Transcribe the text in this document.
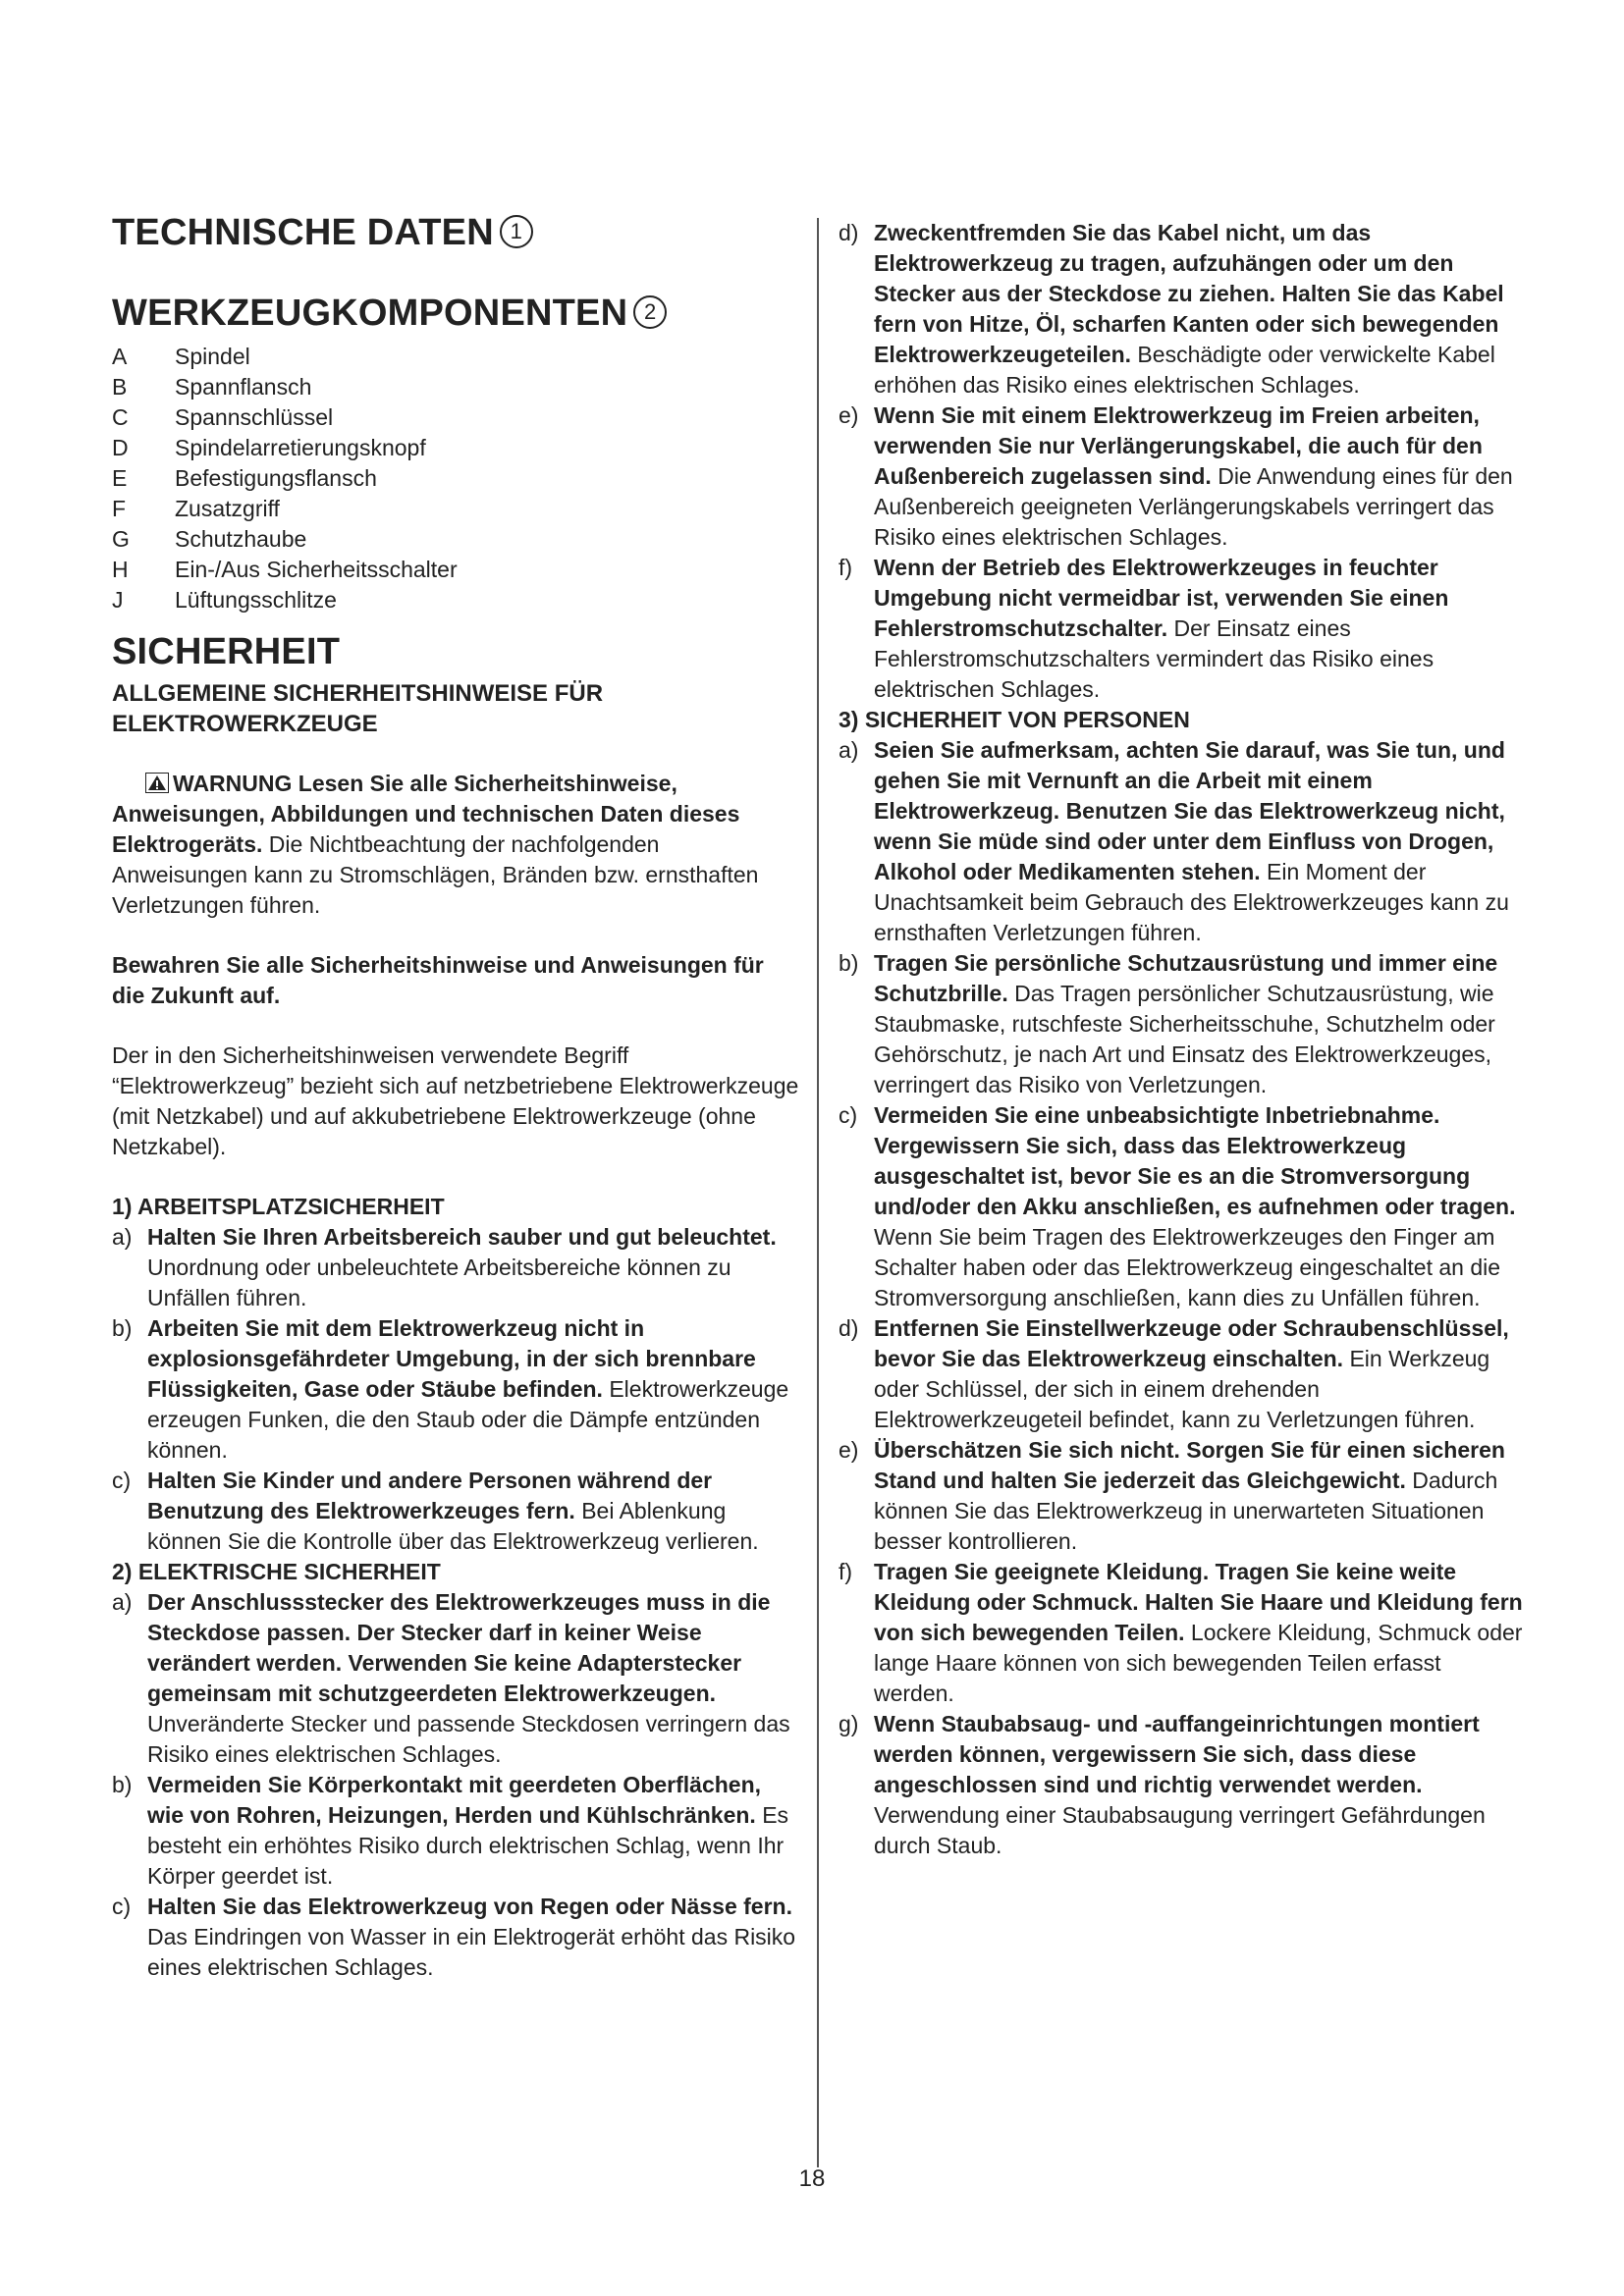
TECHNISCHE DATEN 1
WERKZEUGKOMPONENTEN 2
A	Spindel
B	Spannflansch
C	Spannschlüssel
D	Spindelarretierungsknopf
E	Befestigungsflansch
F	Zusatzgriff
G	Schutzhaube
H	Ein-/Aus Sicherheitsschalter
J	Lüftungsschlitze
SICHERHEIT
ALLGEMEINE SICHERHEITSHINWEISE FÜR ELEKTROWERKZEUGE

WARNUNG Lesen Sie alle Sicherheitshinweise, Anweisungen, Abbildungen und technischen Daten dieses Elektrogeräts. Die Nichtbeachtung der nachfolgenden Anweisungen kann zu Stromschlägen, Bränden bzw. ernsthaften Verletzungen führen.

Bewahren Sie alle Sicherheitshinweise und Anweisungen für die Zukunft auf.

Der in den Sicherheitshinweisen verwendete Begriff “Elektrowerkzeug” bezieht sich auf netzbetriebene Elektrowerkzeuge (mit Netzkabel) und auf akkubetriebene Elektrowerkzeuge (ohne Netzkabel).

1) ARBEITSPLATZSICHERHEIT
a) Halten Sie Ihren Arbeitsbereich sauber und gut beleuchtet. Unordnung oder unbeleuchtete Arbeitsbereiche können zu Unfällen führen.
b) Arbeiten Sie mit dem Elektrowerkzeug nicht in explosionsgefährdeter Umgebung, in der sich brennbare Flüssigkeiten, Gase oder Stäube befinden. Elektrowerkzeuge erzeugen Funken, die den Staub oder die Dämpfe entzünden können.
c) Halten Sie Kinder und andere Personen während der Benutzung des Elektrowerkzeuges fern. Bei Ablenkung können Sie die Kontrolle über das Elektrowerkzeug verlieren.
2) ELEKTRISCHE SICHERHEIT
a) Der Anschlussstecker des Elektrowerkzeuges muss in die Steckdose passen. Der Stecker darf in keiner Weise verändert werden. Verwenden Sie keine Adapterstecker gemeinsam mit schutzgeerdeten Elektrowerkzeugen. Unveränderte Stecker und passende Steckdosen verringern das Risiko eines elektrischen Schlages.
b) Vermeiden Sie Körperkontakt mit geerdeten Oberflächen, wie von Rohren, Heizungen, Herden und Kühlschränken. Es besteht ein erhöhtes Risiko durch elektrischen Schlag, wenn Ihr Körper geerdet ist.
c) Halten Sie das Elektrowerkzeug von Regen oder Nässe fern. Das Eindringen von Wasser in ein Elektrogerät erhöht das Risiko eines elektrischen Schlages.
d) Zweckentfremden Sie das Kabel nicht, um das Elektrowerkzeug zu tragen, aufzuhängen oder um den Stecker aus der Steckdose zu ziehen. Halten Sie das Kabel fern von Hitze, Öl, scharfen Kanten oder sich bewegenden Elektrowerkzeugeteilen. Beschädigte oder verwickelte Kabel erhöhen das Risiko eines elektrischen Schlages.
e) Wenn Sie mit einem Elektrowerkzeug im Freien arbeiten, verwenden Sie nur Verlängerungskabel, die auch für den Außenbereich zugelassen sind. Die Anwendung eines für den Außenbereich geeigneten Verlängerungskabels verringert das Risiko eines elektrischen Schlages.
f) Wenn der Betrieb des Elektrowerkzeuges in feuchter Umgebung nicht vermeidbar ist, verwenden Sie einen Fehlerstromschutzschalter. Der Einsatz eines Fehlerstromschutzschalters vermindert das Risiko eines elektrischen Schlages.
3) SICHERHEIT VON PERSONEN
a) Seien Sie aufmerksam, achten Sie darauf, was Sie tun, und gehen Sie mit Vernunft an die Arbeit mit einem Elektrowerkzeug. Benutzen Sie das Elektrowerkzeug nicht, wenn Sie müde sind oder unter dem Einfluss von Drogen, Alkohol oder Medikamenten stehen. Ein Moment der Unachtsamkeit beim Gebrauch des Elektrowerkzeuges kann zu ernsthaften Verletzungen führen.
b) Tragen Sie persönliche Schutzausrüstung und immer eine Schutzbrille. Das Tragen persönlicher Schutzausrüstung, wie Staubmaske, rutschfeste Sicherheitsschuhe, Schutzhelm oder Gehörschutz, je nach Art und Einsatz des Elektrowerkzeuges, verringert das Risiko von Verletzungen.
c) Vermeiden Sie eine unbeabsichtigte Inbetriebnahme. Vergewissern Sie sich, dass das Elektrowerkzeug ausgeschaltet ist, bevor Sie es an die Stromversorgung und/oder den Akku anschließen, es aufnehmen oder tragen. Wenn Sie beim Tragen des Elektrowerkzeuges den Finger am Schalter haben oder das Elektrowerkzeug eingeschaltet an die Stromversorgung anschließen, kann dies zu Unfällen führen.
d) Entfernen Sie Einstellwerkzeuge oder Schraubenschlüssel, bevor Sie das Elektrowerkzeug einschalten. Ein Werkzeug oder Schlüssel, der sich in einem drehenden Elektrowerkzeugeteil befindet, kann zu Verletzungen führen.
e) Überschätzen Sie sich nicht. Sorgen Sie für einen sicheren Stand und halten Sie jederzeit das Gleichgewicht. Dadurch können Sie das Elektrowerkzeug in unerwarteten Situationen besser kontrollieren.
f) Tragen Sie geeignete Kleidung. Tragen Sie keine weite Kleidung oder Schmuck. Halten Sie Haare und Kleidung fern von sich bewegenden Teilen. Lockere Kleidung, Schmuck oder lange Haare können von sich bewegenden Teilen erfasst werden.
g) Wenn Staubabsaug- und -auffangeinrichtungen montiert werden können, vergewissern Sie sich, dass diese angeschlossen sind und richtig verwendet werden. Verwendung einer Staubabsaugung verringert Gefährdungen durch Staub.
18
